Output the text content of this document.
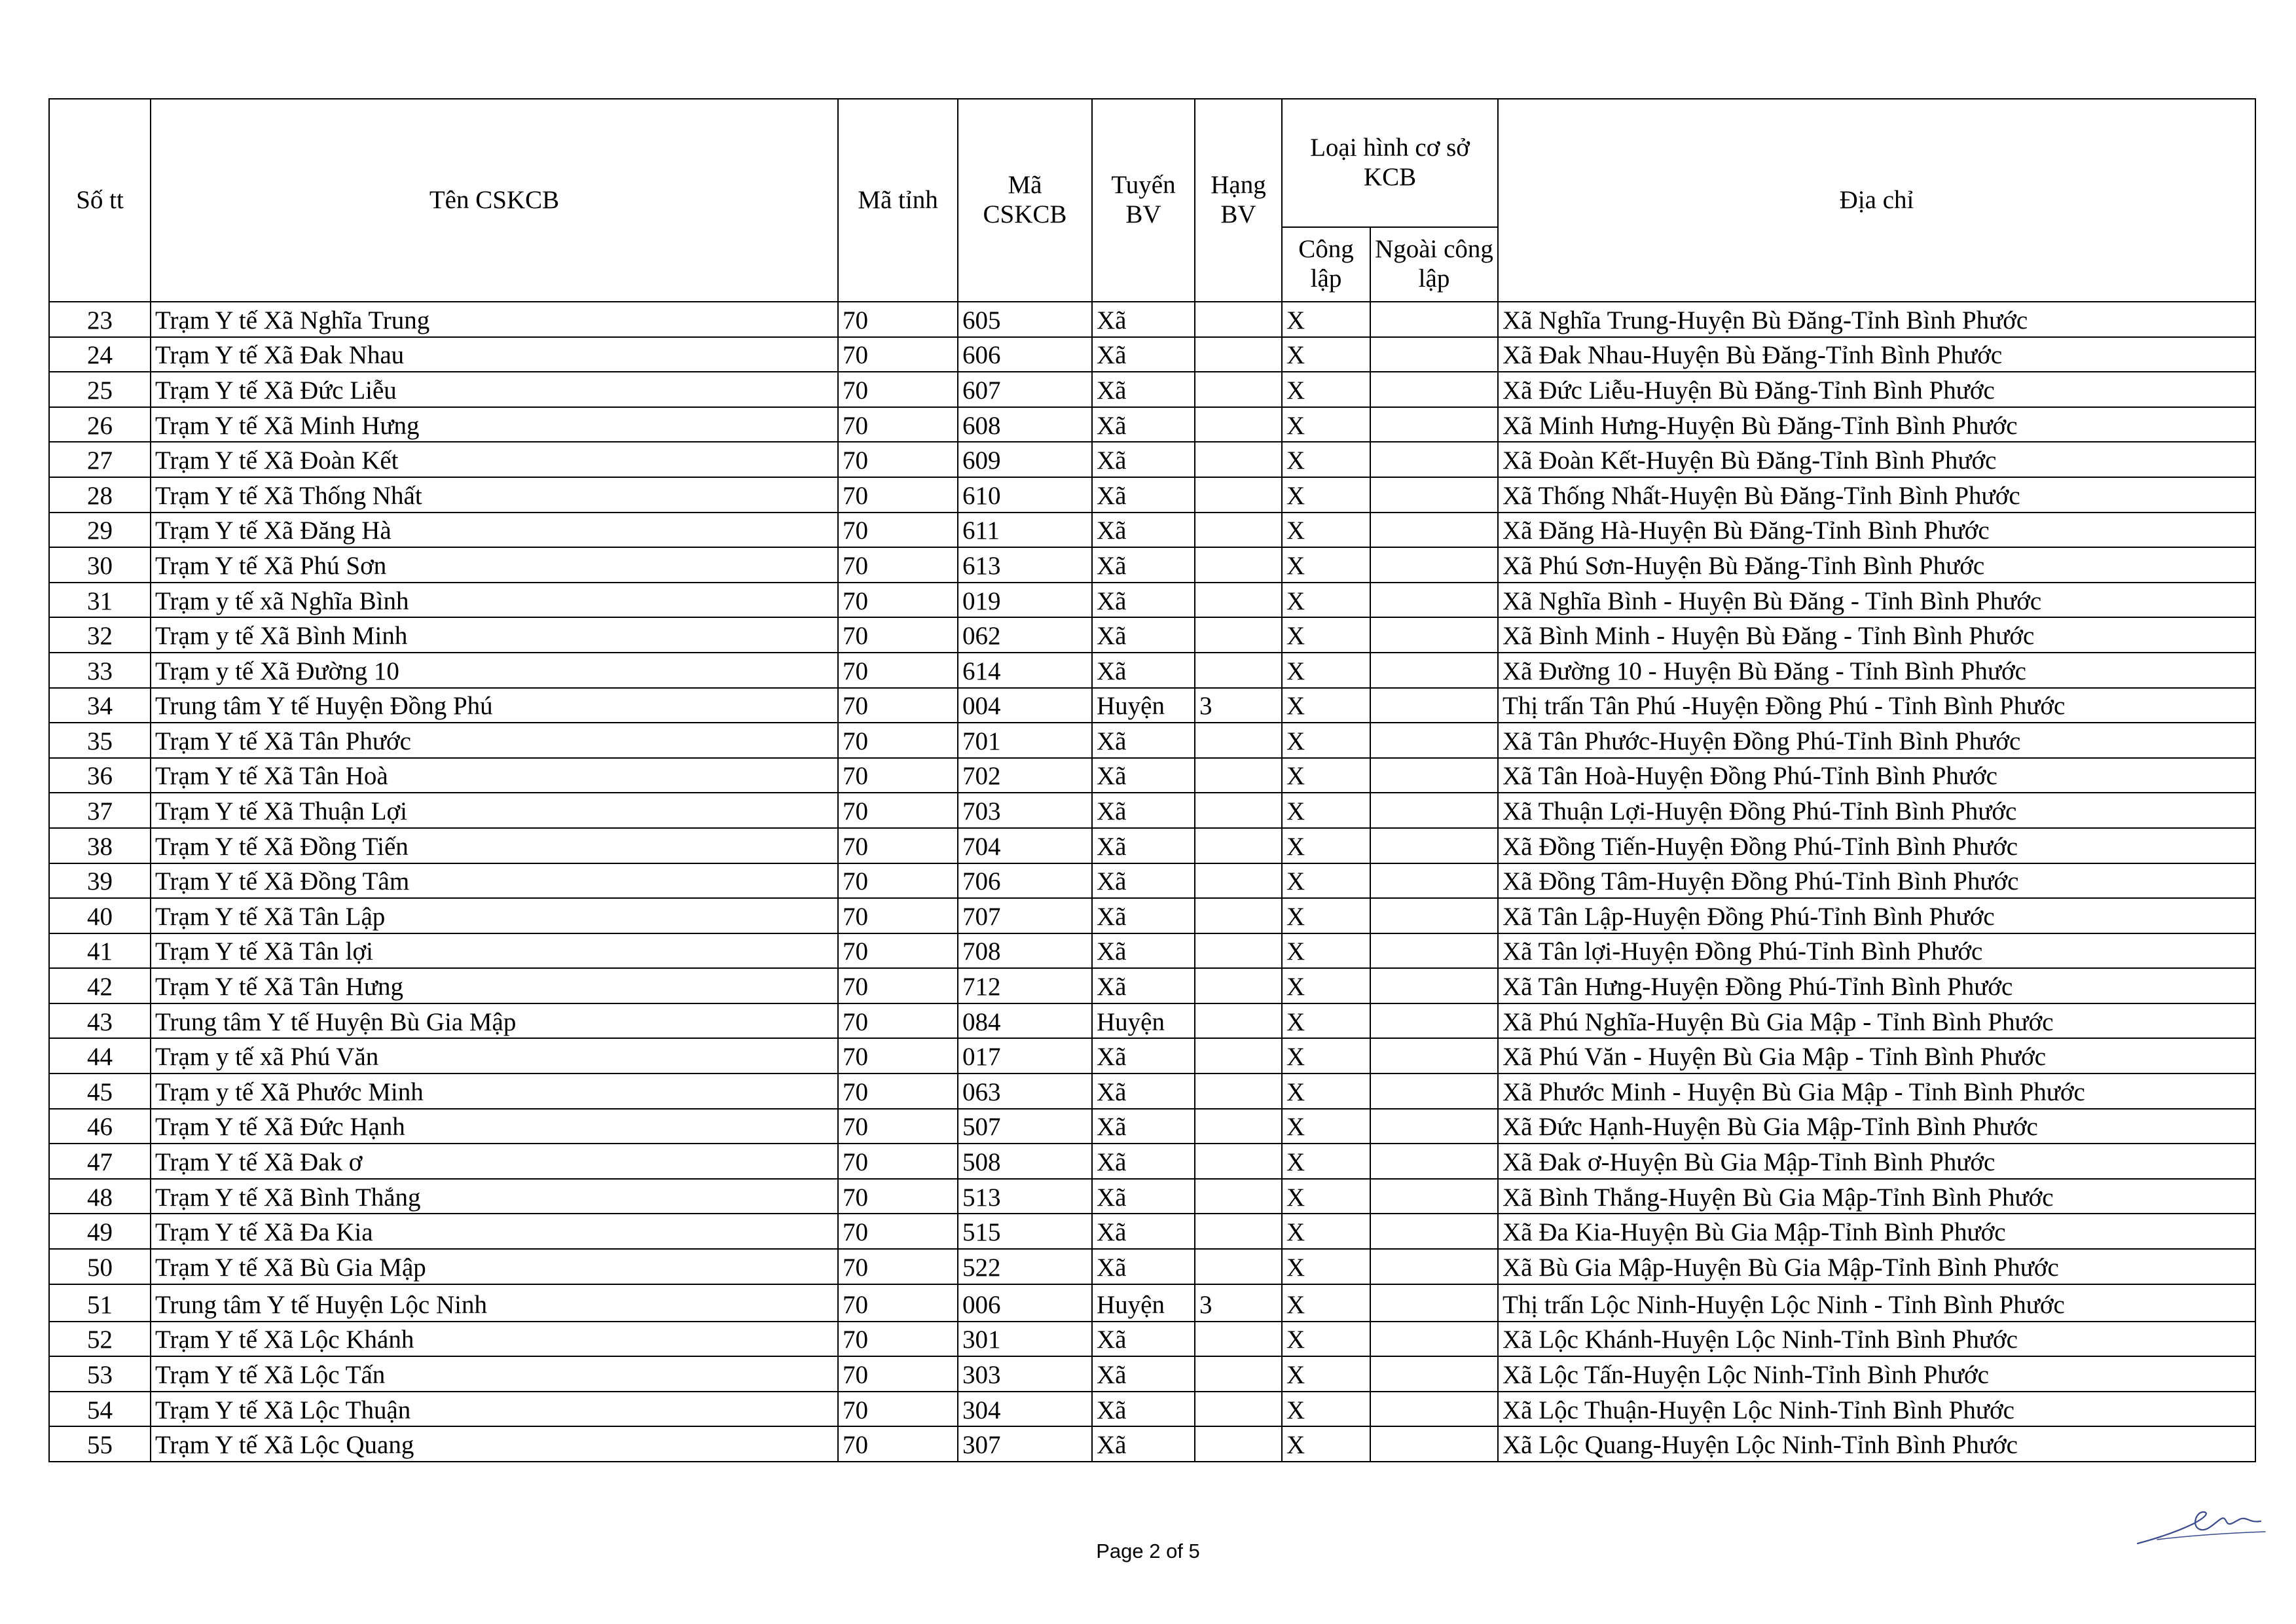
Số tt	Tên CSKCB	Mã tỉnh	Mã CSKCB	Tuyến BV	Hạng BV	Loại hình cơ sở KCB		Địa chỉ
						Công lập	Ngoài công lập	
23	Trạm Y tế Xã Nghĩa Trung	70	605	Xã		X		Xã Nghĩa Trung-Huyện Bù Đăng-Tỉnh Bình Phước
24	Trạm Y tế Xã Đak Nhau	70	606	Xã		X		Xã Đak Nhau-Huyện Bù Đăng-Tỉnh Bình Phước
25	Trạm Y tế Xã Đức Liễu	70	607	Xã		X		Xã Đức Liễu-Huyện Bù Đăng-Tỉnh Bình Phước
26	Trạm Y tế Xã Minh Hưng	70	608	Xã		X		Xã Minh Hưng-Huyện Bù Đăng-Tỉnh Bình Phước
27	Trạm Y tế Xã Đoàn Kết	70	609	Xã		X		Xã Đoàn Kết-Huyện Bù Đăng-Tỉnh Bình Phước
28	Trạm Y tế Xã Thống Nhất	70	610	Xã		X		Xã Thống Nhất-Huyện Bù Đăng-Tỉnh Bình Phước
29	Trạm Y tế Xã Đăng Hà	70	611	Xã		X		Xã Đăng Hà-Huyện Bù Đăng-Tỉnh Bình Phước
30	Trạm Y tế Xã Phú Sơn	70	613	Xã		X		Xã Phú Sơn-Huyện Bù Đăng-Tỉnh Bình Phước
31	Trạm y tế xã Nghĩa Bình	70	019	Xã		X		Xã Nghĩa Bình - Huyện Bù Đăng - Tỉnh Bình Phước
32	Trạm y tế Xã Bình Minh	70	062	Xã		X		Xã Bình Minh - Huyện Bù Đăng - Tỉnh Bình Phước
33	Trạm y tế Xã Đường 10	70	614	Xã		X		Xã Đường 10 - Huyện Bù Đăng - Tỉnh Bình Phước
34	Trung tâm Y tế Huyện Đồng Phú	70	004	Huyện	3	X		Thị trấn Tân Phú -Huyện Đồng Phú - Tỉnh Bình Phước
35	Trạm Y tế Xã Tân Phước	70	701	Xã		X		Xã Tân Phước-Huyện Đồng Phú-Tỉnh Bình Phước
36	Trạm Y tế Xã Tân Hoà	70	702	Xã		X		Xã Tân Hoà-Huyện Đồng Phú-Tỉnh Bình Phước
37	Trạm Y tế Xã Thuận Lợi	70	703	Xã		X		Xã Thuận Lợi-Huyện Đồng Phú-Tỉnh Bình Phước
38	Trạm Y tế Xã Đồng Tiến	70	704	Xã		X		Xã Đồng Tiến-Huyện Đồng Phú-Tỉnh Bình Phước
39	Trạm Y tế Xã Đồng Tâm	70	706	Xã		X		Xã Đồng Tâm-Huyện Đồng Phú-Tỉnh Bình Phước
40	Trạm Y tế Xã Tân Lập	70	707	Xã		X		Xã Tân Lập-Huyện Đồng Phú-Tỉnh Bình Phước
41	Trạm Y tế Xã Tân lợi	70	708	Xã		X		Xã Tân lợi-Huyện Đồng Phú-Tỉnh Bình Phước
42	Trạm Y tế Xã Tân Hưng	70	712	Xã		X		Xã Tân Hưng-Huyện Đồng Phú-Tỉnh Bình Phước
43	Trung tâm Y tế Huyện Bù Gia Mập	70	084	Huyện		X		Xã Phú Nghĩa-Huyện Bù Gia Mập - Tỉnh Bình Phước
44	Trạm y tế xã Phú Văn	70	017	Xã		X		Xã Phú Văn - Huyện Bù Gia Mập - Tỉnh Bình Phước
45	Trạm y tế Xã Phước Minh	70	063	Xã		X		Xã Phước Minh - Huyện Bù Gia Mập - Tỉnh Bình Phước
46	Trạm Y tế Xã Đức Hạnh	70	507	Xã		X		Xã Đức Hạnh-Huyện Bù Gia Mập-Tỉnh Bình Phước
47	Trạm Y tế Xã Đak ơ	70	508	Xã		X		Xã Đak ơ-Huyện Bù Gia Mập-Tỉnh Bình Phước
48	Trạm Y tế Xã Bình Thắng	70	513	Xã		X		Xã Bình Thắng-Huyện Bù Gia Mập-Tỉnh Bình Phước
49	Trạm Y tế Xã Đa Kia	70	515	Xã		X		Xã Đa Kia-Huyện Bù Gia Mập-Tỉnh Bình Phước
50	Trạm Y tế Xã Bù Gia Mập	70	522	Xã		X		Xã Bù Gia Mập-Huyện Bù Gia Mập-Tỉnh Bình Phước
51	Trung tâm Y tế Huyện Lộc Ninh	70	006	Huyện	3	X		Thị trấn Lộc Ninh-Huyện Lộc Ninh - Tỉnh Bình Phước
52	Trạm Y tế Xã Lộc Khánh	70	301	Xã		X		Xã Lộc Khánh-Huyện Lộc Ninh-Tỉnh Bình Phước
53	Trạm Y tế Xã Lộc Tấn	70	303	Xã		X		Xã Lộc Tấn-Huyện Lộc Ninh-Tỉnh Bình Phước
54	Trạm Y tế Xã Lộc Thuận	70	304	Xã		X		Xã Lộc Thuận-Huyện Lộc Ninh-Tỉnh Bình Phước
55	Trạm Y tế Xã Lộc Quang	70	307	Xã		X		Xã Lộc Quang-Huyện Lộc Ninh-Tỉnh Bình Phước
Page 2 of 5
